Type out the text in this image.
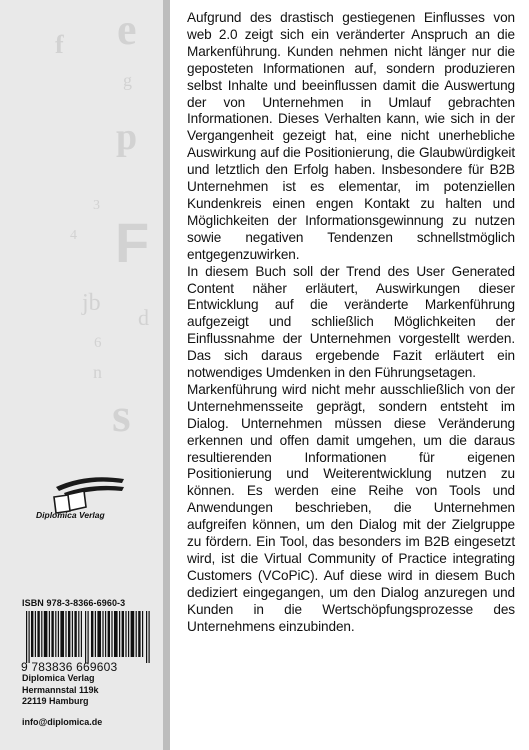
e
f
g
p
3
F
4
jb
d
6
n
s

Aufgrund des drastisch gestiegenen Einflusses von web 2.0 zeigt sich ein veränderter Anspruch an die Markenführung. Kunden nehmen nicht länger nur die geposteten Informationen auf, sondern produzieren selbst Inhalte und beeinflussen damit die Auswertung der von Unternehmen in Umlauf gebrachten Informationen. Dieses Verhalten kann, wie sich in der Vergangenheit gezeigt hat, eine nicht unerhebliche Auswirkung auf die Positionierung, die Glaubwürdigkeit und letztlich den Erfolg haben. Insbesondere für B2B Unternehmen ist es elementar, im potenziellen Kundenkreis einen engen Kontakt zu halten und Möglichkeiten der Informationsgewinnung zu nutzen sowie negativen Tendenzen schnellstmöglich entgegenzuwirken.

In diesem Buch soll der Trend des User Generated Content näher erläutert, Auswirkungen dieser Entwicklung auf die veränderte Markenführung aufgezeigt und schließlich Möglichkeiten der Einflussnahme der Unternehmen vorgestellt werden. Das sich daraus ergebende Fazit erläutert ein notwendiges Umdenken in den Führungsetagen.

Markenführung wird nicht mehr ausschließlich von der Unternehmensseite geprägt, sondern entsteht im Dialog. Unternehmen müssen diese Veränderung erkennen und offen damit umgehen, um die daraus resultierenden Informationen für eigenen Positionierung und Weiterentwicklung nutzen zu können. Es werden eine Reihe von Tools und Anwendungen beschrieben, die Unternehmen aufgreifen können, um den Dialog mit der Zielgruppe zu fördern. Ein Tool, das besonders im B2B eingesetzt wird, ist die Virtual Community of Practice integrating Customers (VCoPiC). Auf diese wird in diesem Buch dediziert eingegangen, um den Dialog anzuregen und Kunden in die Wertschöpfungsprozesse des Unternehmens einzubinden.

Diplomica Verlag
ISBN 978-3-8366-6960-3
9 783836 669603
Diplomica Verlag
Hermannstal 119k
22119 Hamburg
info@diplomica.de
